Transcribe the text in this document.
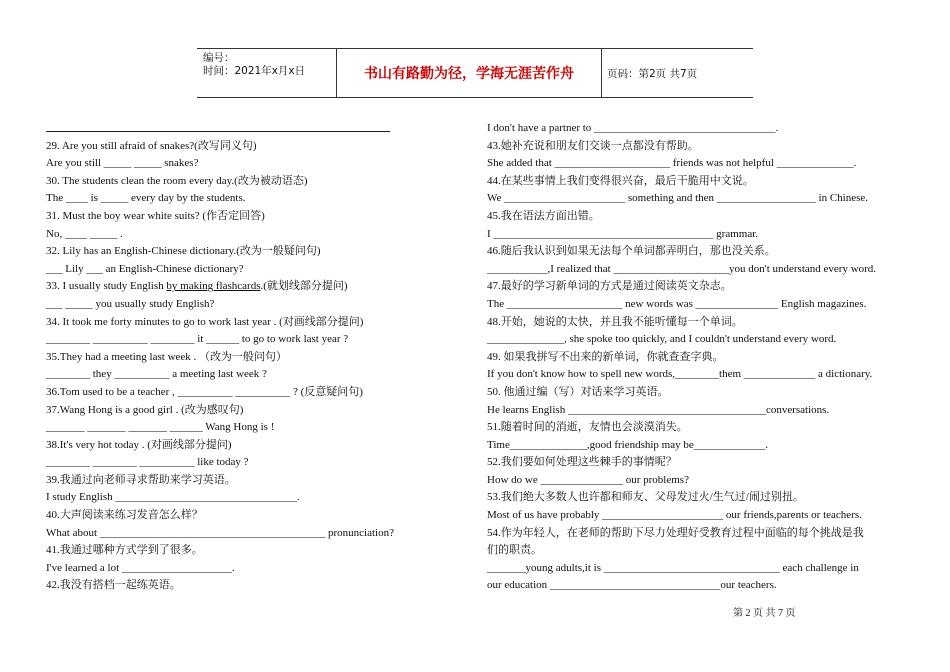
编号：
时间：2021年x月x日	书山有路勤为径，学海无涯苦作舟	页码：第2页 共7页
29. Are you still afraid of snakes?(改写同义句)
Are you still _____ _____ snakes?
30. The students clean the room every day.(改为被动语态)
The ____ is _____ every day by the students.
31. Must the boy wear white suits? (作否定回答)
No, ____ _____ .
32. Lily has an English-Chinese dictionary.(改为一般疑问句)
___ Lily ___ an English-Chinese dictionary?
33. I usually study English by making flashcards.(就划线部分提问)
___ _____ you usually study English?
34. It took me forty minutes to go to work last year . (对画线部分提问)
________ __________ ________ it ______ to go to work last year ?
35.They had a meeting last week . （改为一般问句）
________ they __________ a meeting last week ?
36.Tom used to be a teacher , __________ __________ ? (反意疑问句)
37.Wang Hong is a good girl . (改为感叹句)
_______ _______ _______ ______ Wang Hong is !
38.It's very hot today . (对画线部分提问)
________ ________ __________ like today ?
39.我通过向老师寻求帮助来学习英语。
I study English _________________________________.
40.大声阅读来练习发音怎么样？
What about _________________________________________ pronunciation?
41.我通过哪种方式学到了很多。
I've learned a lot ____________________.
42.我没有搭档一起练英语。
I don't have a partner to _________________________________.
43.她补充说和朋友们交谈一点都没有帮助。
She added that _____________________ friends was not helpful ______________.
44.在某些事情上我们变得很兴奋，最后干脆用中文说。
We ______________________ something and then __________________ in Chinese.
45.我在语法方面出错。
I ________________________________________ grammar.
46.随后我认识到如果无法每个单词都弄明白，那也没关系。
___________,I realized that _____________________you don't understand every word.
47.最好的学习新单词的方式是通过阅读英文杂志。
The _____________________ new words was _______________ English magazines.
48.开始，她说的太快，并且我不能听懂每一个单词。
______________, she spoke too quickly, and I couldn't understand every word.
49. 如果我拼写不出来的新单词，你就查查字典。
If you don't know how to spell new words,________them _____________ a dictionary.
50. 他通过编（写）对话来学习英语。
He learns English ____________________________________conversations.
51.随着时间的消逝，友情也会淡漠消失。
Time______________,good friendship may be_____________.
52.我们要如何处理这些棘手的事情呢？
How do we _______________ our problems?
53.我们绝大多数人也许都和师友、父母发过火/生气过/闹过别扭。
Most of us have probably ______________________ our friends,parents or teachers.
54.作为年轻人，在老师的帮助下尽力处理好受教育过程中面临的每个挑战是我
们的职责。
_______young adults,it is ________________________________ each challenge in
our education _______________________________our teachers.
第 2 页 共 7 页
